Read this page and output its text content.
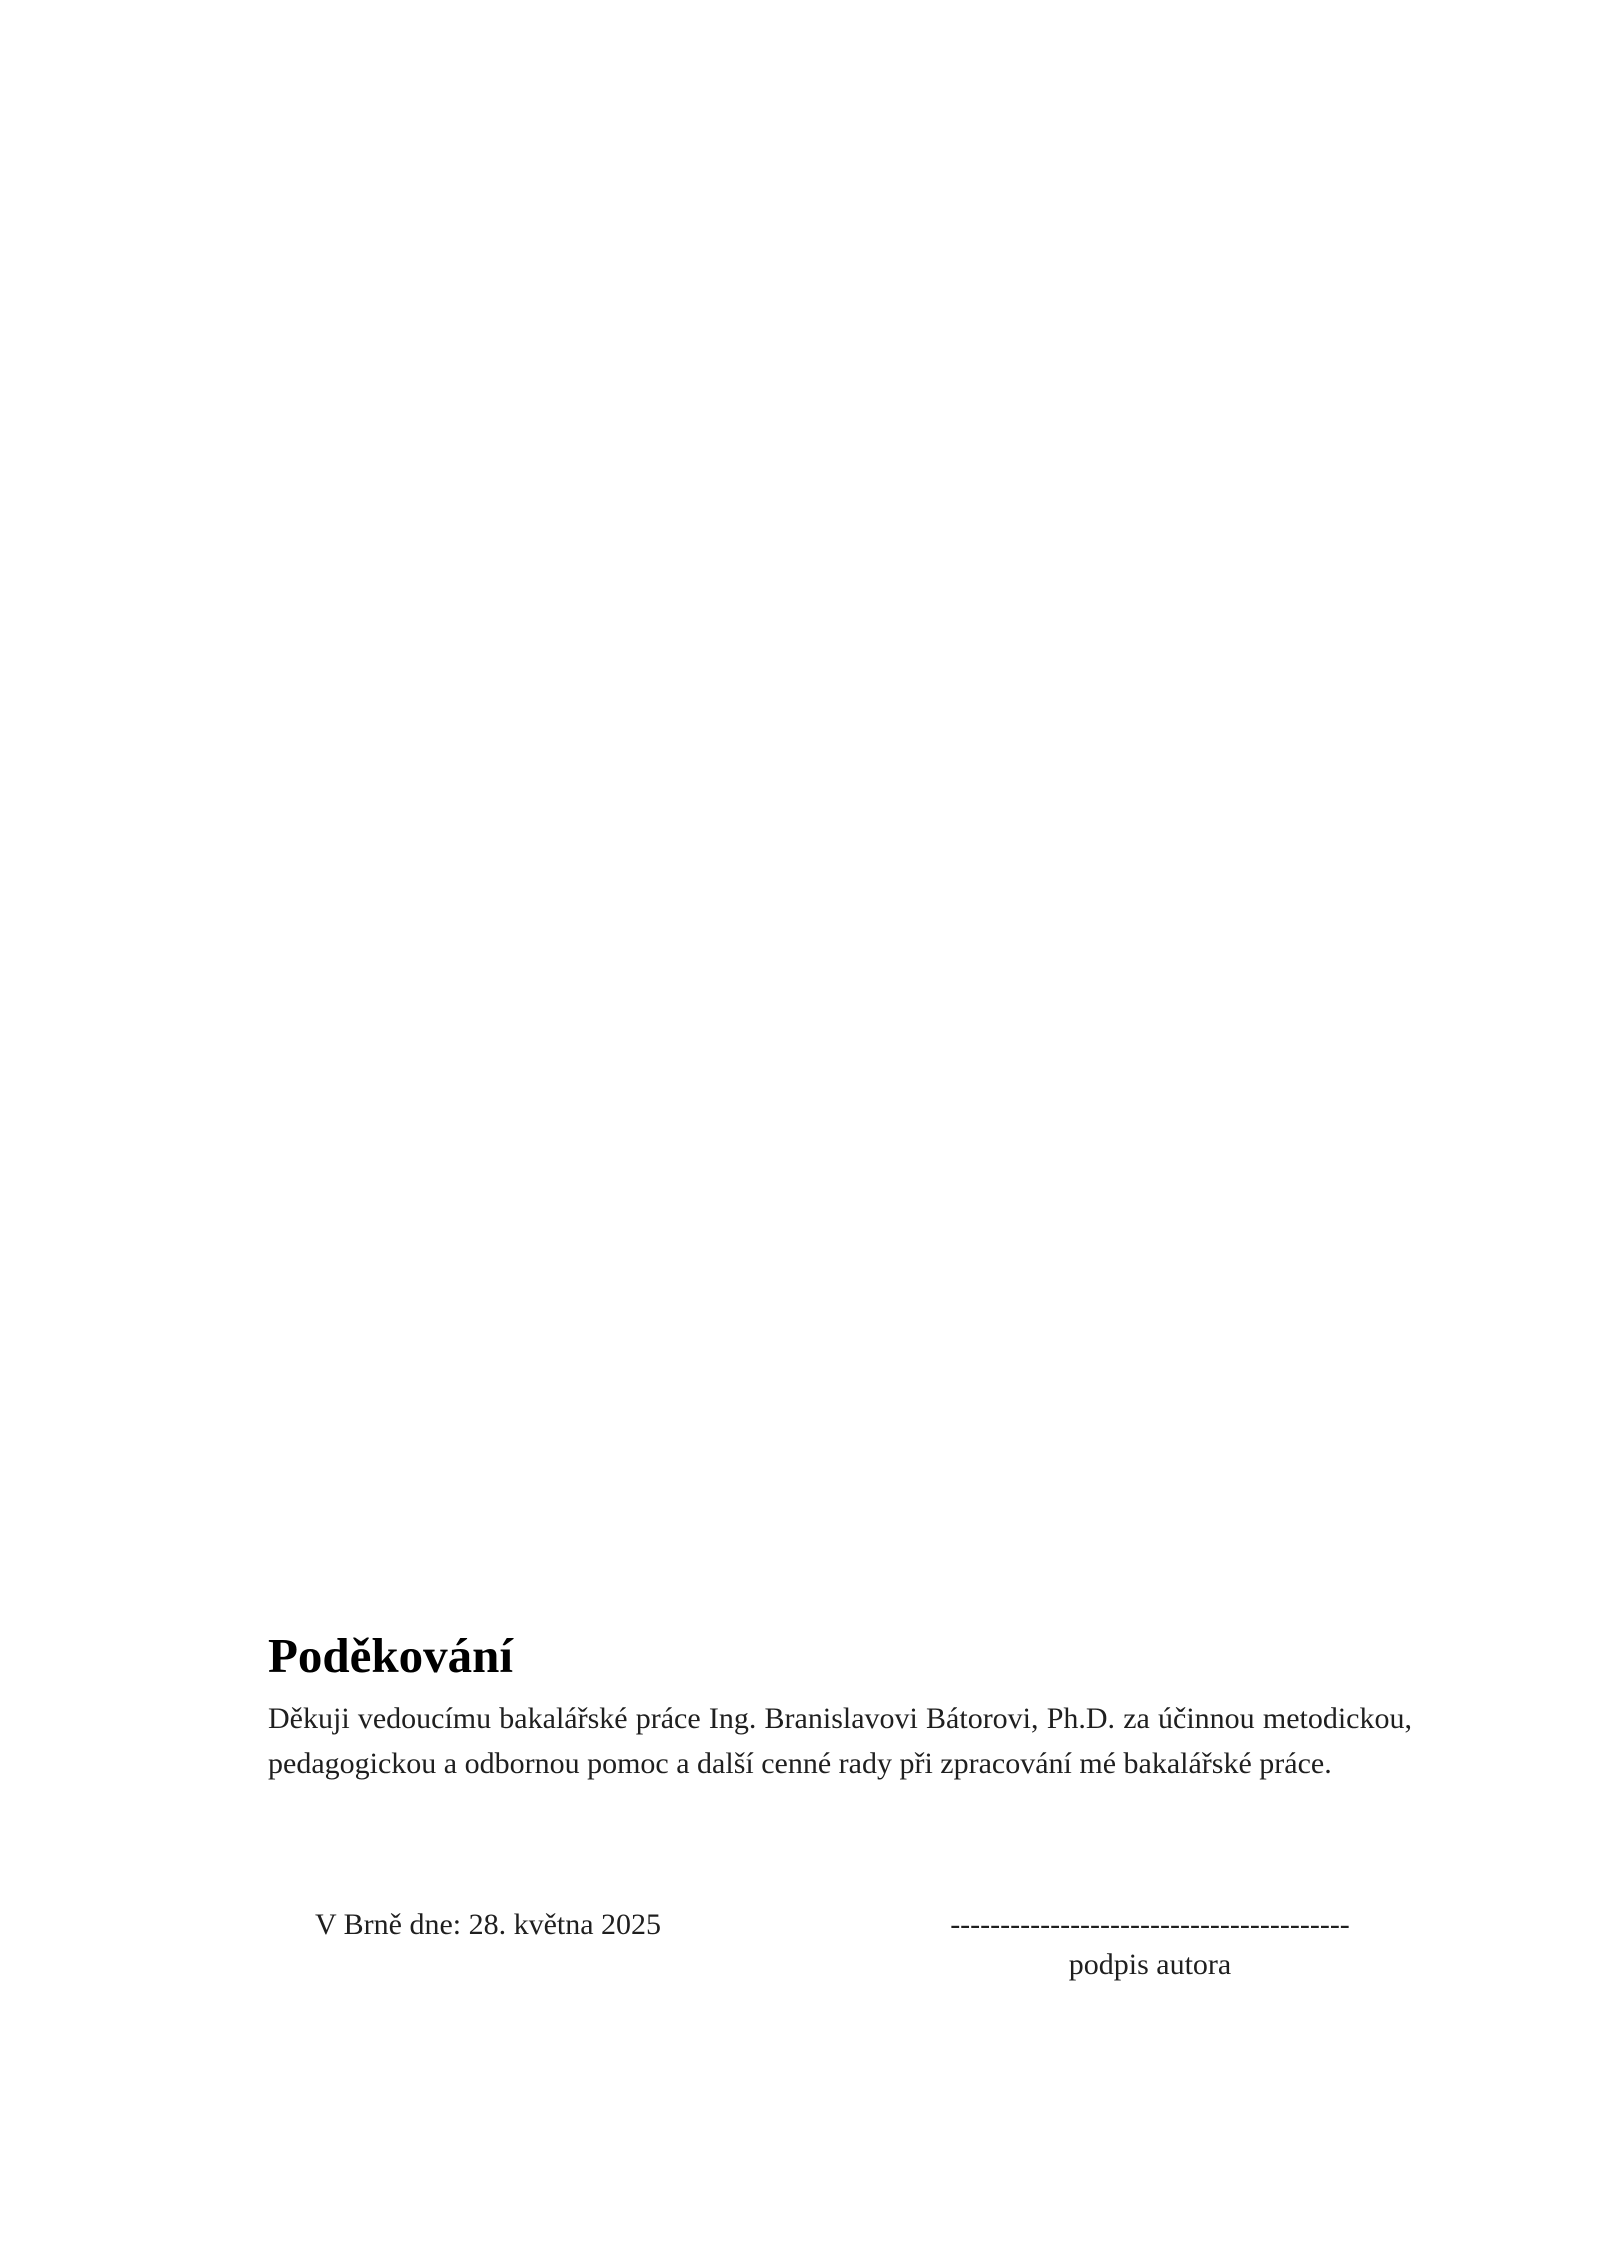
Poděkování

Děkuji vedoucímu bakalářské práce Ing. Branislavovi Bátorovi, Ph.D. za účinnou metodickou, pedagogickou a odbornou pomoc a další cenné rady při zpracování mé bakalářské práce.

V Brně dne: 28. května 2025	----------------------------------------
podpis autora
